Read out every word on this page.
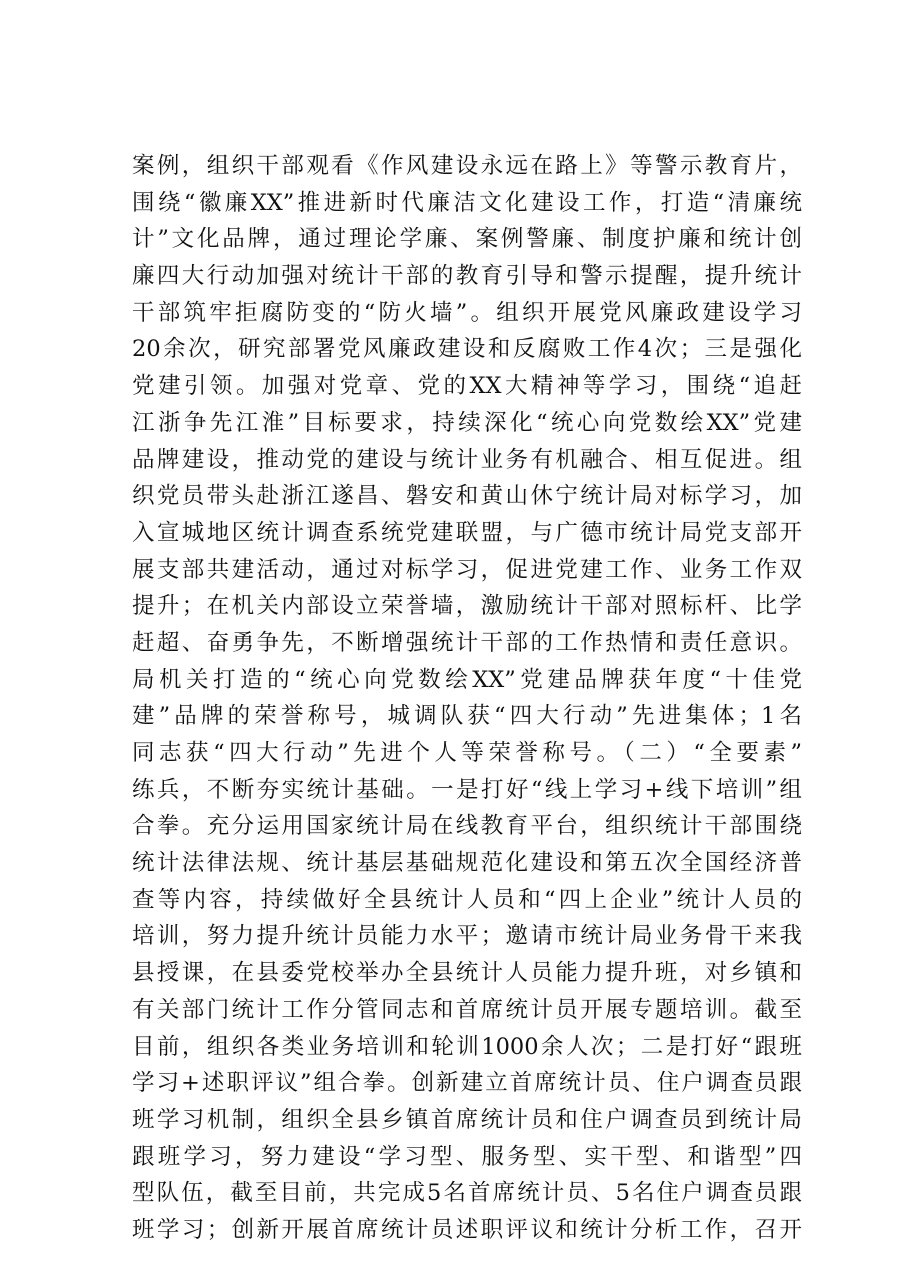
案例，组织干部观看《作风建设永远在路上》等警示教育片，
围绕“徽廉XX”推进新时代廉洁文化建设工作，打造“清廉统
计”文化品牌，通过理论学廉、案例警廉、制度护廉和统计创
廉四大行动加强对统计干部的教育引导和警示提醒，提升统计
干部筑牢拒腐防变的“防火墙”。组织开展党风廉政建设学习
20余次，研究部署党风廉政建设和反腐败工作4次；三是强化
党建引领。加强对党章、党的XX大精神等学习，围绕“追赶
江浙争先江淮”目标要求，持续深化“统心向党数绘XX”党建
品牌建设，推动党的建设与统计业务有机融合、相互促进。组
织党员带头赴浙江遂昌、磐安和黄山休宁统计局对标学习，加
入宣城地区统计调查系统党建联盟，与广德市统计局党支部开
展支部共建活动，通过对标学习，促进党建工作、业务工作双
提升；在机关内部设立荣誉墙，激励统计干部对照标杆、比学
赶超、奋勇争先，不断增强统计干部的工作热情和责任意识。
局机关打造的“统心向党数绘XX”党建品牌获年度“十佳党
建”品牌的荣誉称号，城调队获“四大行动”先进集体；1名
同志获“四大行动”先进个人等荣誉称号。（二）“全要素”
练兵，不断夯实统计基础。一是打好“线上学习+线下培训”组
合拳。充分运用国家统计局在线教育平台，组织统计干部围绕
统计法律法规、统计基层基础规范化建设和第五次全国经济普
查等内容，持续做好全县统计人员和“四上企业”统计人员的
培训，努力提升统计员能力水平；邀请市统计局业务骨干来我
县授课，在县委党校举办全县统计人员能力提升班，对乡镇和
有关部门统计工作分管同志和首席统计员开展专题培训。截至
目前，组织各类业务培训和轮训1000余人次；二是打好“跟班
学习+述职评议”组合拳。创新建立首席统计员、住户调查员跟
班学习机制，组织全县乡镇首席统计员和住户调查员到统计局
跟班学习，努力建设“学习型、服务型、实干型、和谐型”四
型队伍，截至目前，共完成5名首席统计员、5名住户调查员跟
班学习；创新开展首席统计员述职评议和统计分析工作，召开
